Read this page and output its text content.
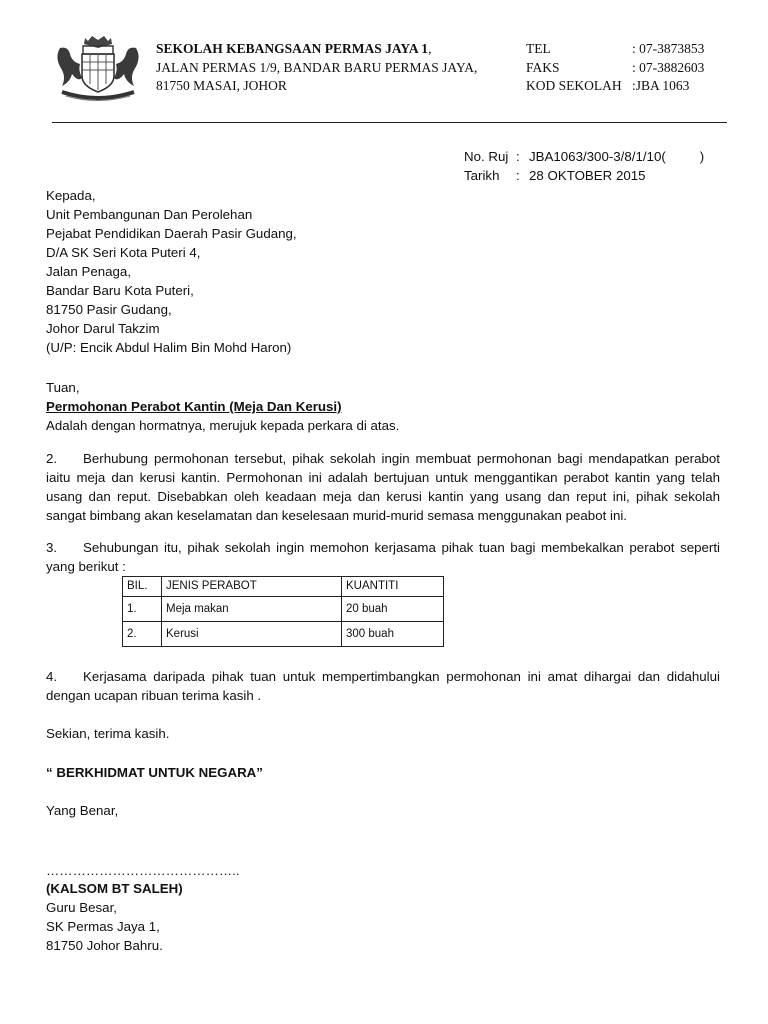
SEKOLAH KEBANGSAAN PERMAS JAYA 1,
JALAN PERMAS 1/9, BANDAR BARU PERMAS JAYA,
81750 MASAI, JOHOR
TEL	: 07-3873853
FAKS	: 07-3882603
KOD SEKOLAH :JBA 1063
No. Ruj : JBA1063/300-3/8/1/10(	)
Tarikh	: 28 OKTOBER 2015
Kepada,
Unit Pembangunan Dan Perolehan
Pejabat Pendidikan Daerah Pasir Gudang,
D/A SK Seri Kota Puteri 4,
Jalan Penaga,
Bandar Baru Kota Puteri,
81750 Pasir Gudang,
Johor Darul Takzim
(U/P: Encik Abdul Halim Bin Mohd Haron)
Tuan,
Permohonan Perabot Kantin (Meja Dan Kerusi)
Adalah dengan hormatnya, merujuk kepada perkara di atas.
2. Berhubung permohonan tersebut, pihak sekolah ingin membuat permohonan bagi mendapatkan perabot iaitu meja dan kerusi kantin. Permohonan ini adalah bertujuan untuk menggantikan perabot kantin yang telah usang dan reput. Disebabkan oleh keadaan meja dan kerusi kantin yang usang dan reput ini, pihak sekolah sangat bimbang akan keselamatan dan keselesaan murid-murid semasa menggunakan peabot ini.
3. Sehubungan itu, pihak sekolah ingin memohon kerjasama pihak tuan bagi membekalkan perabot seperti yang berikut :
BIL.	JENIS PERABOT	KUANTITI
1.	Meja makan	20 buah
2.	Kerusi	300 buah
4. Kerjasama daripada pihak tuan untuk mempertimbangkan permohonan ini amat dihargai dan didahului dengan ucapan ribuan terima kasih .
Sekian, terima kasih.
“ BERKHIDMAT UNTUK NEGARA”
Yang Benar,
……………………………………..
(KALSOM BT SALEH)
Guru Besar,
SK Permas Jaya 1,
81750 Johor Bahru.
